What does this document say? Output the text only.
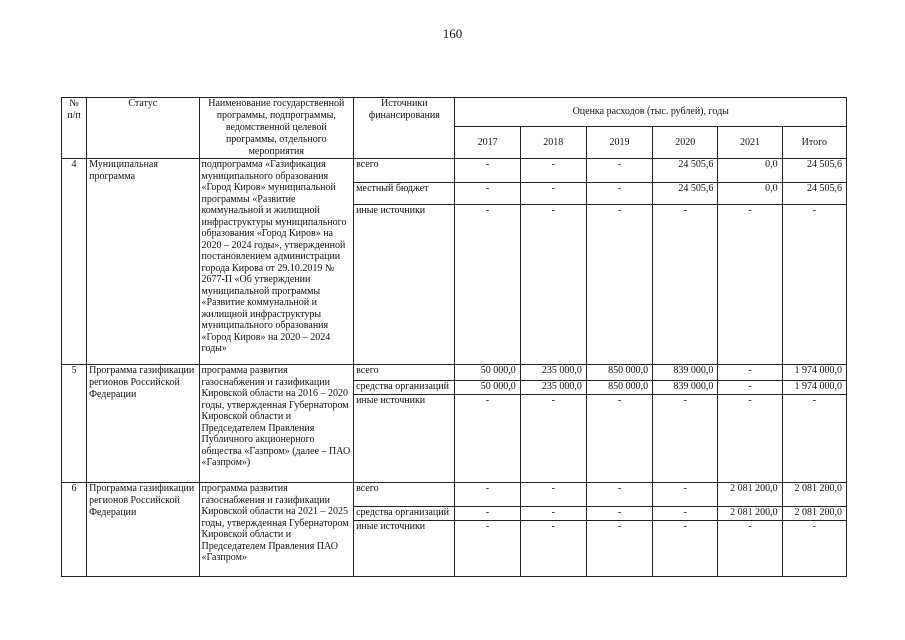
160
№ п/п	Статус	Наименование государственной программы, подпрограммы, ведомственной целевой программы, отдельного мероприятия	Источники финансирования	Оценка расходов (тыс. рублей), годы					
				2017	2018	2019	2020	2021	Итого
4	Муниципальная программа	подпрограмма «Газификация муниципального образования «Город Киров» муниципальной программы «Развитие коммунальной и жилищной инфраструктуры муниципального образования «Город Киров» на 2020 – 2024 годы», утвержденной постановлением администрации города Кирова от 29.10.2019 № 2677-П «Об утверждении муниципальной программы «Развитие коммунальной и жилищной инфраструктуры муниципального образования «Город Киров» на 2020 – 2024 годы»	всего	-	-	-	24 505,6	0,0	24 505,6
			местный бюджет	-	-	-	24 505,6	0,0	24 505,6
			иные источники	-	-	-	-	-	-
5	Программа газификации регионов Российской Федерации	программа развития газоснабжения и газификации Кировской области на 2016 – 2020 годы, утвержденная Губернатором Кировской области и Председателем Правления Публичного акционерного общества «Газпром» (далее – ПАО «Газпром»)	всего	50 000,0	235 000,0	850 000,0	839 000,0	-	1 974 000,0
			средства организаций	50 000,0	235 000,0	850 000,0	839 000,0	-	1 974 000,0
			иные источники	-	-	-	-	-	-
6	Программа газификации регионов Российской Федерации	программа развития газоснабжения и газификации Кировской области на 2021 – 2025 годы, утвержденная Губернатором Кировской области и Председателем Правления ПАО «Газпром»	всего	-	-	-	-	2 081 200,0	2 081 200,0
			средства организаций	-	-	-	-	2 081 200,0	2 081 200,0
			иные источники	-	-	-	-	-	-
